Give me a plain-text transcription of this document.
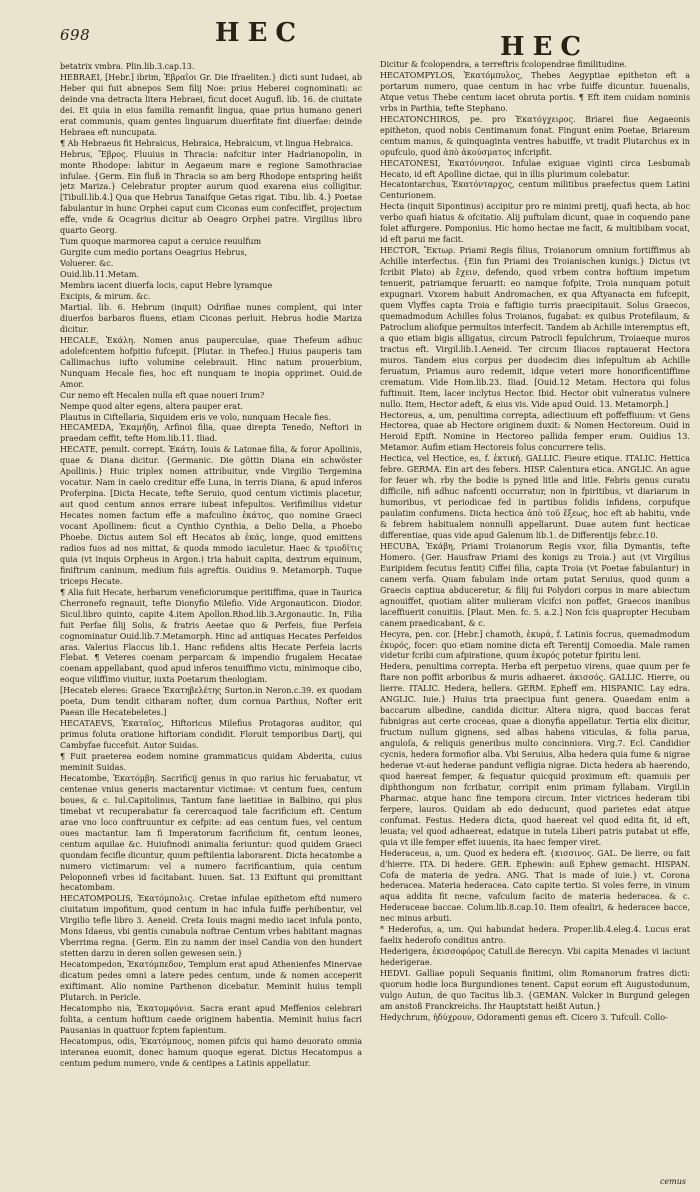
698	HEC	HEC

betatrix vmbra. Plin.lib.3.cap.13.

HEBRAEI, [Hebr.] ibrim, Ἑβραῖοι Gr. Die Ifraeliten.} dicti sunt Iudaei, ab Heber qui fuit abnepos Sem filij Noe: prius Heberei cognominati: ac deinde vna detracta litera Hebraei, ficut docet Augufl. lib. 16. de ciuitate dei. Et quia in eius familia remanfit lingua, quae prius humano generi erat communis, quam gentes linguarum diuerfitate fint diuerfae: deinde Hebraea eft nuncupata.

¶ Ab Hebraeus fit Hebraicus, Hebraica, Hebraicum, vt lingua Hebraica.

Hebrus, Ἕβρος. Fluuius in Thracia: nafcitur inter Hadrianopolin, in monte Rhodope: labitur in Aegaeum mare e regione Samothraciae infulae. {Germ. Ein fluß in Thracia so am berg Rhodope entspring heißt jetz Mariza.} Celebratur propter aurum quod exarena eius colligitur. [Tibull.lib.4.] Qua que Hebrus Tanaifque Getas rigat. Tibu. lib. 4.} Poetae fabulantur in hunc Orphei caput cum Ciconas eum confeciffet, projectum effe, vnde & Ocagrius dicitur ab Oeagro Orphei patre. Virgilius libro quarto Georg.

Tum quoque marmorea caput a ceruice reuulfum

Gurgite cum medio portans Oeagrius Hebrus,

Voluerer. &c.

Ouid.lib.11.Metam.

Membra iacent diuerfa locis, caput Hebre lyramque

Excipis, & mirum. &c.

Martial. lib. 6. Hebrum (inquit) Odrifiae nunes complent, qui inter diuerfos barbaros fluens, etiam Ciconas perluit. Hebrus hodie Mariza dicitur.

HECALE, Ἑκάλη. Nomen anus pauperculae, quae Thefeum adhuc adolefcentem hofpitio fufcepit. [Plutar. in Thefeo.] Huius pauperis tam Callimachus iufto volumine celebrauit. Hinc natum prouerbium, Nunquam Hecale fies, hoc eft nunquam te inopia opprimet. Ouid.de Amor.

Cur nemo eft Hecalen nulla eft quae noueri Irum?

Nempe quod alter egens, altera pauper erat.

Plautus in Ciftellaria, Siquidem eris ve volo, nunquam Hecale fies.

HECAMEDA, Ἑκαμήδη, Arfinoi filia, quae direpta Tenedo, Neftori in praedam ceffit, tefte Hom.lib.11. Iliad.

HECATE, penult. corrept. Ἑκάτη. Iouis & Latonae filia, & foror Apollinis, quae & Diana dicitur. {Germanic. Die göttin Diana ein schwöster Apollinis.} Huic triplex nomen attribuitur, vnde Virgilio Tergemina vocatur. Nam in caelo creditur effe Luna, in terris Diana, & apud inferos Proferpina. [Dicta Hecate, tefte Seruio, quod centum victimis placetur, aut quod centum annos errare iubeat infepultos. Verifimilius videtur Hecates nomen factum effe a mafculino ἑκάτος, quo nomine Graeci vocant Apollinem: ficut a Cynthio Cynthia, a Delio Delia, a Phoebo Phoebe. Dictus autem Sol eft Hecatos ab ἑκάς, longe, quod emittens radios fuos ad nos mittat, & quoda mmodo iaculetur. Haec & τριοδῖτις quia (vt inquis Orpheus in Argon.) tria habuit capita, dextrum equinum, finiftrum caninum, medium fuis agreftis. Ouidius 9. Metamorph. Tuque triceps Hecate.

¶ Alia fuit Hecate, herbarum veneficiorumque peritiffima, quae in Taurica Cherronefo regnauit, tefte Dionyfio Milefio. Vide Argonauticon. Diodor. Sicul.libro quinto, capite 4.item Apollon.Rhod.lib.3.Argonautic. In, Filia fuit Perfae filij Solis, & fratris Aeetae quo & Perfeis, fiue Perfeia cognominatur Ouid.lib.7.Metamorph. Hinc ad antiquas Hecates Perfeidos aras. Valerius Flaccus lib.1. Hanc refidens altis Hecate Perfeia lacris Flebat. ¶ Veteres coenam perparcam & impendio frugalem Hecatae coenam appellabant, quod apud inferos tenuiffimo victu, minimoque cibo, eoque viliffimo viuitur, iuxta Poetarum theologiam.

[Hecateb eleres: Graece Ἑκατηβελέτης Surton.in Neron.c.39. ex quodam poeta, Dum tendit citharam nofter, dum cornua Parthus, Nofter erit Paean ille Hecatebeletes.]

HECATAEVS, Ἑκαταῖος, Hiftoricus Milefius Protagoras auditor, qui primus foluta oratione hiftoriam condidit. Floruit temporibus Darij, qui Cambyfae fuccefsit. Autor Suidas.

¶ Fuit praeterea eodem nomine grammaticus quidam Abderita, cuius meminit Suidas.

Hecatombe, Ἑκατόμβη. Sacrificij genus in quo rarius hic feruabatur, vt centenae vnius generis mactarentur victimae: vt centum fues, centum boues, & c. Iul.Capitolinus, Tantum fane laetitiae in Balbino, qui plus timebat vt recuperabatur fa cerercaquod tale facrificium eft. Centum arae vno loco conftruuntur ex cefpite: ad eas centum fues, vel centum oues mactantur. Iam fi Imperatorum facrificium fit, centum leones, centum aquilae &c. Huiufmodi animalia feriuntur: quod quidem Graeci quondam fecifle dicuntur, quum peftilentia laborarent. Dicta hecatombe a numero victimarum: vel a numero facrificantium, quia centum Peloponnefi vrbes id facitabant. Iuuen. Sat. 13 Exiftunt qui promittant hecatombam.

HECATOMPOLIS, Ἑκατόμπολις. Cretae infulae epithetom eftd numero ciuitatum impofitum, quod centum in hac infula fuiffe perhibentur, vel Virgilio tefle libro 3. Aeneid. Creta Iouis magni medio iacet infula ponto, Mons Idaeus, vbi gentis cunabula noftrae Centum vrbes habitant magnas Vberrima regna. {Germ. Ein zu namm der insel Candia von den hundert stetten darzu in deren sollen gewesen sein.}

Hecatompedon, Ἑκατόμπεδον, Templum erat apud Athenienfes Minervae dicatum pedes omni a latere pedes centum, unde & nomen acceperit exiftimant. Alio nomine Parthenon dicebatur. Meminit huius templi Plutarch. in Pericle.

Hecatompho nia, Ἑκατομφόνια. Sacra erant apud Meffenios celebrari folita, a centum hoftium caede originem habentia. Meminit huius facri Pausanias in quattuor fcptem fapientum.

Hecatompus, odis, Ἑκατόμπους, nomen pifcis qui hamo deuorato omnia interanea euomit, donec hamum quoque egerat. Dictus Hecatompus a centum pedum numero, vnde & centipes a Latinis appellatur.

Dicitur & fcolopendra, a terreftris fcolopendrae fimilitudine.

HECATOMPYLOS, Ἑκατόμπυλος, Thebes Aegyptiae epitheton eft a portarum numero, quae centum in hac vrbe fuiffe dicuntur. Iuuenalis, Atque vetus Thebe centum iacet obruta portis. ¶ Eft item cuidam nominis vrbs in Parthia, tefte Stephano.

HECATONCHIROS, pe. pro Ἑκατόγχειρος. Briarei fiue Aegaeonis epitheton, quod nobis Centimanum fonat. Fingunt enim Poetae, Briareum centum manus, & quinquaginta ventres habuiffe, vt tradit Plutarchus ex in opufculo, quod ἀπὸ ἀκούσματος infcripfit.

HECATONESI, Ἑκατόννησοι. Infulae exiguae viginti circa Lesbumab Hecato, id eft Apolline dictae, qui in illis plurimum colebatur.

Hecatontarchus, Ἑκατόνταρχος, centum militibus praefectus quem Latini Centurionem.

Hecta (inquit Sipontinus) accipitur pro re minimi pretij, quafi hecta, ab hoc verbo quafi hiatus & ofcitatio. Alij puftulam dicunt, quae in coquendo pane folet affurgere. Pomponius. Hic homo hectae me facit, & multibibam vocat, id eft parui me facit.

HECTOR, Ἕκτωρ. Priami Regis filius, Troianorum omnium fortiffimus ab Achille interfectus. {Ein fun Priami des Troianischen kunigs.} Dictus (vt fcribit Plato) ab ἔχειν, defendo, quod vrbem contra hoftium impetum tenuerit, patriamque feruarit: eo namque fofpite, Troia nunquam potuit expugnari. Vxorem habuit Andromachen, ex qua Aftyanacta em fufcepit, quem Vlyffes capta Troia e faftigio turris praecipitauit. Solus Graecos, quemadmodum Achilles folus Troianos, fugabat: ex quibus Protefilaum, & Patroclum aliofque permultos interfecit. Tandem ab Achille interemptus eft, a quo etiam bigis alligatus, circum Patrocli fepulchrum, Troiaeque muros tractus eft. Virgil.lib.1.Aeneid. Ter circum Iliacos raptauerat Hectora muros. Tandem eius corpus per duodecim dies infepultum ab Achille feruatum, Priamus auro redemit, idque veteri more honorificentiffime crematum. Vide Hom.lib.23. Iliad. [Ouid.12 Metam. Hectora qui folus fuftinuit. Item, lacer inclytus Hector. Ibid. Hector obit vulneratus vulnere nullo. Item, Hector adeft, & eius vis. Vide apud Ouid. 13. Metamorph.]

Hectoreus, a, um, penultima correpta, adiectiuum eft poffeffiuum: vt Gens Hectorea, quae ab Hectore originem duxit: & Nomen Hectoreum. Ouid in Heroid Epift. Nomine in Hectoreo pallida femper eram. Ouidius 13. Metamor. Aufim etiam Hectoreis folus concurrere telis.

Hectica, vel Hectice, es, f. ἑκτική. GALLIC. Fieure etique. ITALIC. Hettica febre. GERMA. Ein art des febers. HISP. Calentura etica. ANGLIC. An ague for feuer wh. rby the bodie is pyned litle and litle. Febris genus curatu difficile, nifi adhuc nafcenti occurratur, non in fpiritibus, vt diariarum in humoribus, vt periodicae fed in partibus folidis infidens, corpufque paulatim confumens. Dicta hectica ἀπὸ τοῦ ἕξεως, hoc eft ab habitu, vnde & febrem habitualem nonnulli appellarunt. Duae autem funt hecticae differentiae, quas vide apud Galenum lib.1. de Differentijs febr.c.10.

HECUBA, Ἑκάβη, Priami Troianorum Regis vxor, filia Dymantis, tefte Homero. {Ger. Hausfraw Priami des konigs zu Troia.} aut (vt Virgilius Euripidem fecutus fentit) Ciffei filia, capta Troia (vt Poetae fabulantur) in canem verfa. Quam fabulam inde ortam putat Seruius, quod quum a Graecis captiua abduceretur, & filij fui Polydori corpus in mare abiectum agnouiffet, quotiam aliter mulieram vlcifci non poffet, Graecos inanibus laceffiuerit conuitiis. [Plaut. Men. fc. 5. a.2.] Non fcis quapropter Hecubam canem praedicabant, & c.

Hecyra, pen. cor. [Hebr.] chamoth, ἑκυρά, f. Latinis focrus, quemadmodum ἑκυρός, focer: quo etiam nomine dicta eft Terentij Comoedia. Male ramen videtur fcribi cum afpiratione, quum ἑκυρός potetur fpiritu leni.

Hedera, penultima correpta. Herba eft perpetuo virens, quae quum per fe ftare non poffit arboribus & muris adhaeret. ἀκισσός. GALLIC. Hierre, ou lierre. ITALIC. Hedera, hellera. GERM. Epheff em. HISPANIC. Lay edra. ANGLIC. Iuie.} Huius tria praecipua funt genera. Quaedam enim a baccarum albedine, candida dicitur. Altera nigra, quod baccas ferat fubnigras aut certe croceas, quae a dionyfia appellatur. Tertia elix dicitur, fructum nullum gignens, sed albas habens viticulas, & folia parua, anguloſa, & reliquis generibus multo concinniora. Virg.7. Ecl. Candidior cycnis, hedera formofior alba. Vbi Seruius, Alba hedera quia fume & nigrae hederae vt-aut hederae pandunt vefligia nigrae. Dicta hedera ab haerendo, quod haereat femper, & fequatur quicquid proximum eft: quamuis per diphthongum non fcribatur, corripit enim primam fyllabam. Virgil.in Pharmac. atque hanc fine tempora circum. Inter victrices hederam tibi ferpere, lauros. Quidam ab edo deducunt, quod parietes edat atque confumat. Festus. Hedera dicta, quod haereat vel quod edita fit, id eft, leuata; vel quod adhaereat, edatque in tutela Liberi patris putabat ut effe, quia vt ille femper effet iuuenis, ita haec femper viret.

Hederaceus, a, um. Quod ex hedera eft. {κισσινος. GAL. De lierre, ou fait d'hierre. ITA. Di hedere. GER. Ephewin: auß Ephew gemacht. HISPAN. Cofa de materia de yedra. ANG. That is made of iuie.} vt. Corona hederacea. Materia hederacea. Cato capite tertio. Si voles ferre, in vinum aqua addita fit necne, vafculum facito de materia hederacea. & c. Hederaceae baccae. Colum.lib.8.cap.10. Item ofealiri, & hederacee bacce, nec minus arbuti.

* Hederofus, a, um. Qui habundat hedera. Proper.lib.4.eleg.4. Lucus erat faelix hederofo conditus antro.

Hederigera, ἑκισσοφόρος Catull.de Berecyn. Vbi capita Menades vi iaciunt hederigerae.

HEDVI. Galliae populi Sequanis finitimi, olim Romanorum fratres dicti: quorum hodie loca Burgundiones tenent. Caput eorum eft Augustodunum, vulgo Autun, de quo Tacitus lib.3. {GEMAN. Volcker in Burgund gelegen am anstoß Franckreichs. Ihr Hauptstatt heißt Autun.}

Hedychrum, ἡδύχρουν, Odoramenti genus eft. Cicero 3. Tufcull. Collo-

cemus
